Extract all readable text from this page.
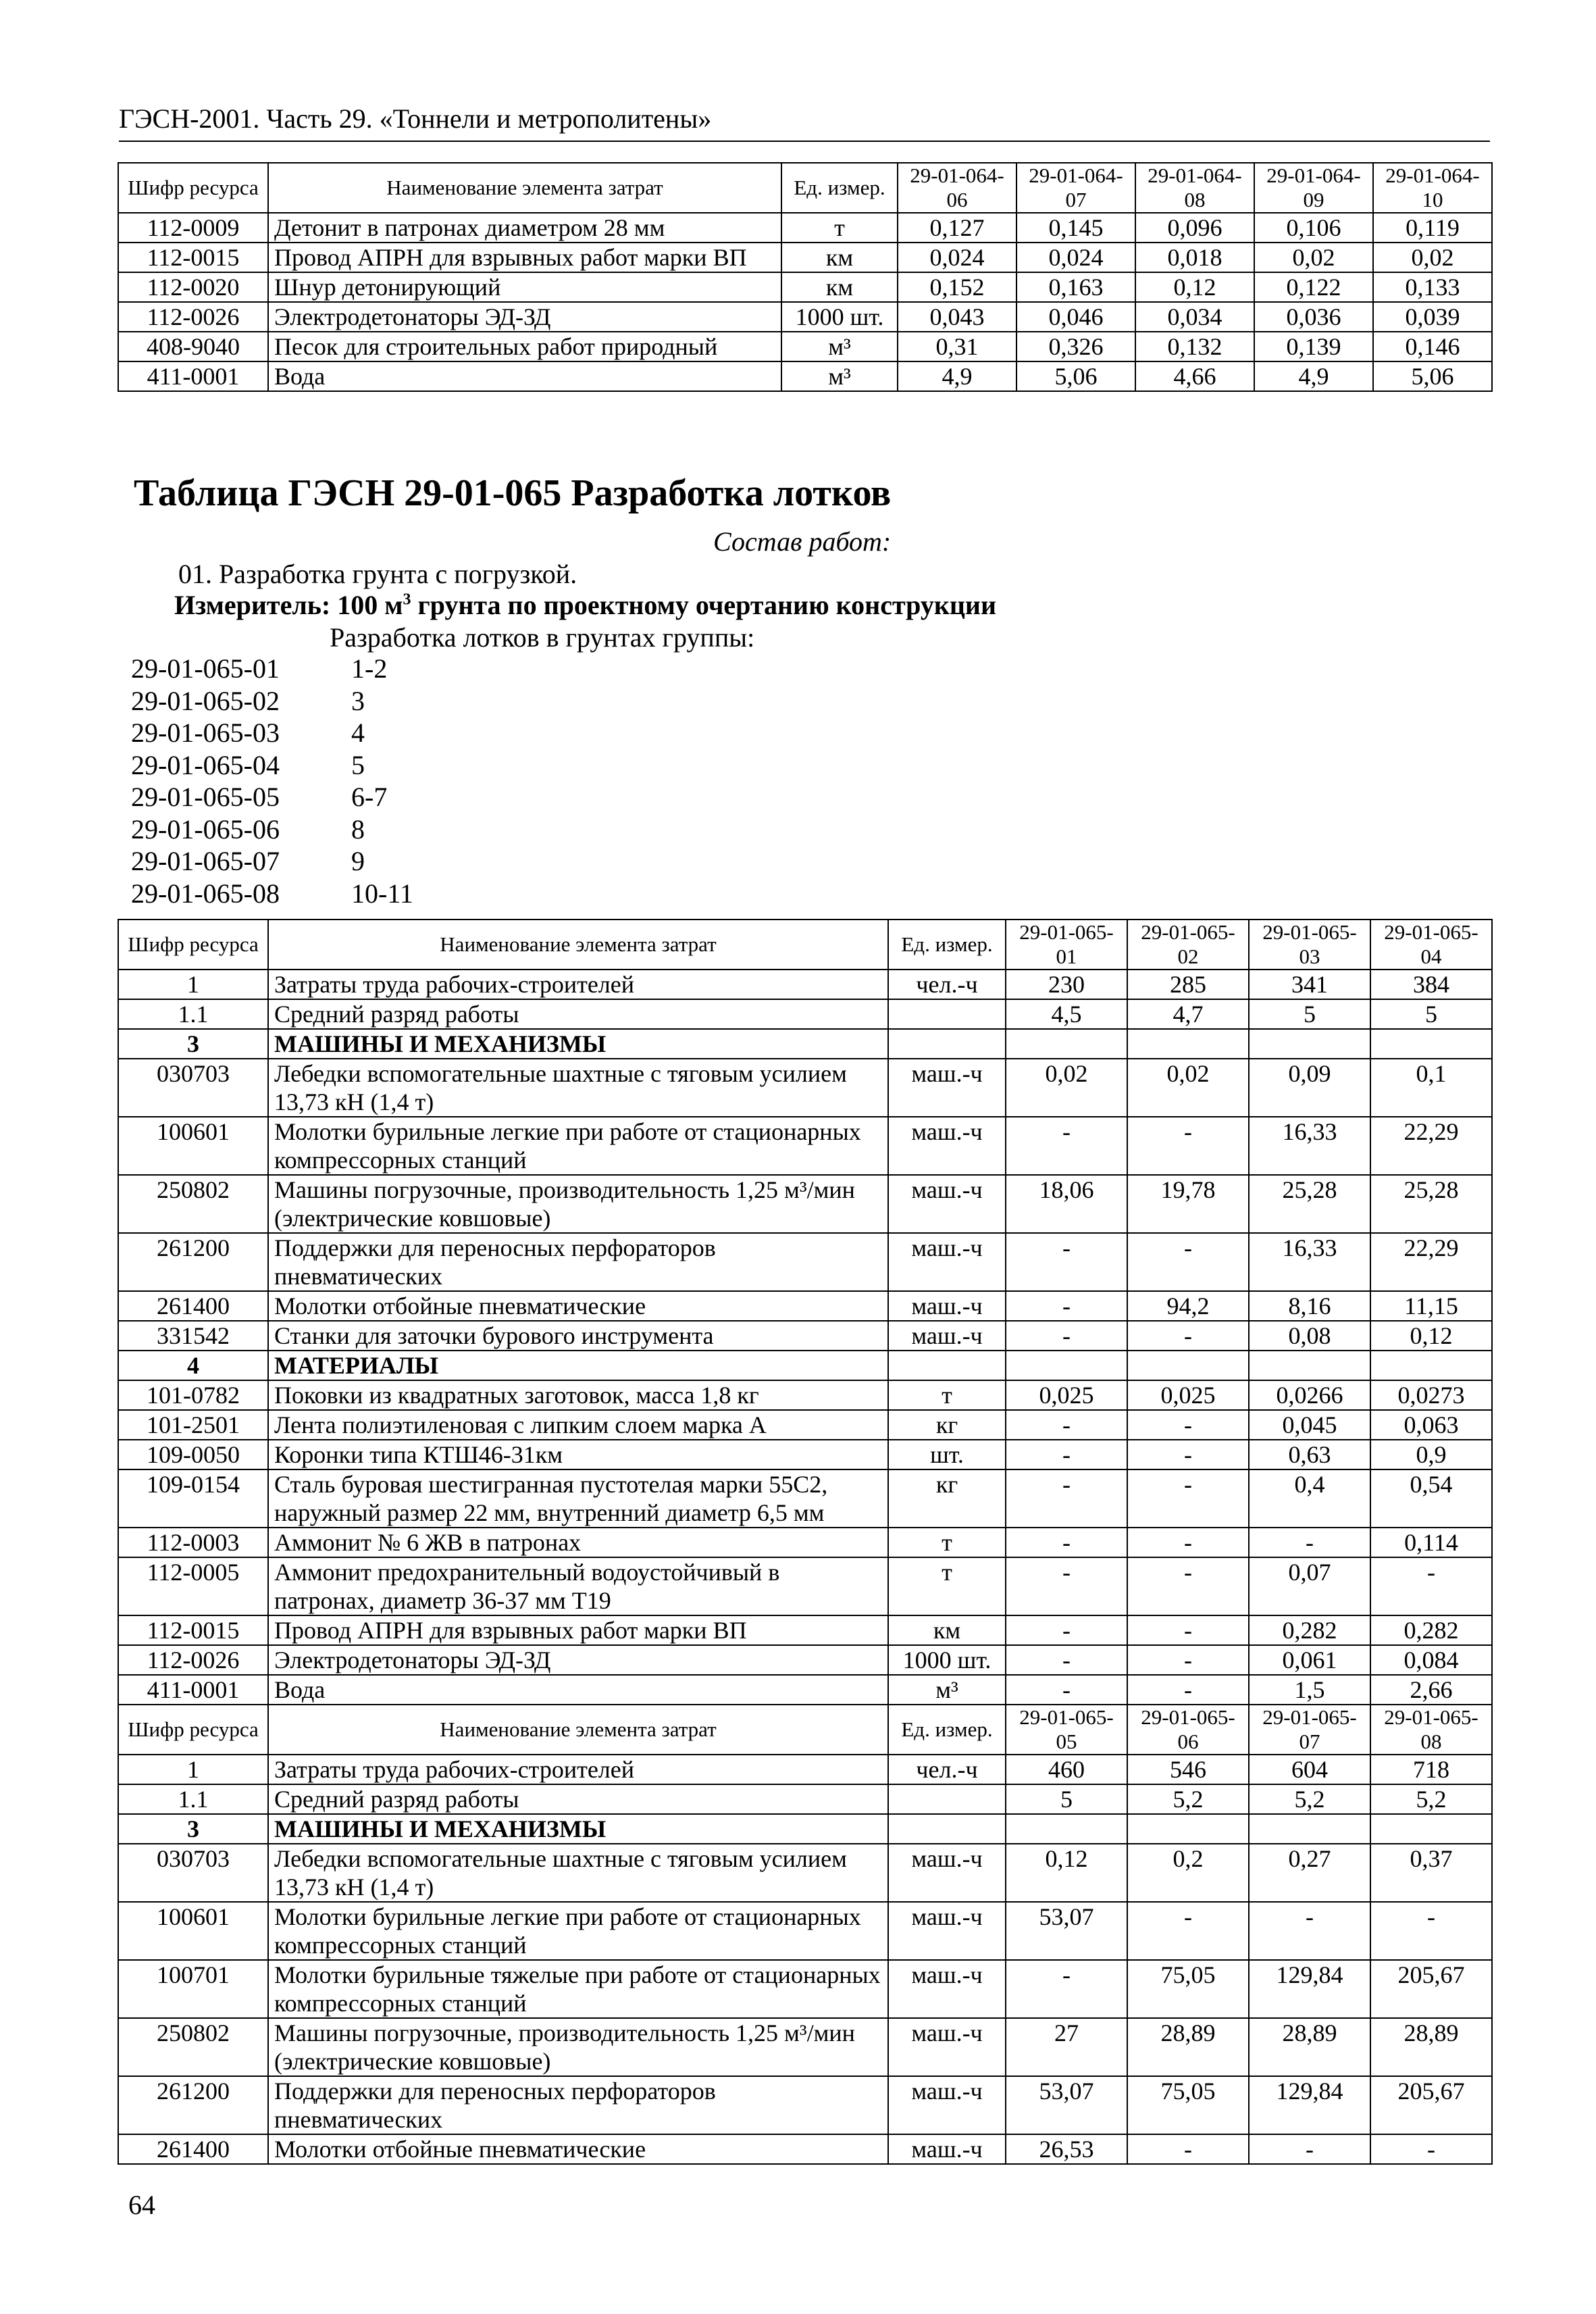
ГЭСН-2001. Часть 29. «Тоннели и метрополитены»
Шифр ресурса	Наименование элемента затрат	Ед. измер.	29-01-064-06	29-01-064-07	29-01-064-08	29-01-064-09	29-01-064-10
112-0009	Детонит в патронах диаметром 28 мм	т	0,127	0,145	0,096	0,106	0,119
112-0015	Провод АПРН для взрывных работ марки ВП	км	0,024	0,024	0,018	0,02	0,02
112-0020	Шнур детонирующий	км	0,152	0,163	0,12	0,122	0,133
112-0026	Электродетонаторы ЭД-ЗД	1000 шт.	0,043	0,046	0,034	0,036	0,039
408-9040	Песок для строительных работ природный	м³	0,31	0,326	0,132	0,139	0,146
411-0001	Вода	м³	4,9	5,06	4,66	4,9	5,06
Таблица ГЭСН 29-01-065 Разработка лотков
Состав работ:
01. Разработка грунта с погрузкой.
Измеритель: 100 $м^3$ грунта по проектному очертанию конструкции
Разработка лотков в грунтах группы:
29-01-065-01	1-2
29-01-065-02	3
29-01-065-03	4
29-01-065-04	5
29-01-065-05	6-7
29-01-065-06	8
29-01-065-07	9
29-01-065-08	10-11
Шифр ресурса	Наименование элемента затрат	Ед. измер.	29-01-065-01	29-01-065-02	29-01-065-03	29-01-065-04
1	Затраты труда рабочих-строителей	чел.-ч	230	285	341	384
1.1	Средний разряд работы		4,5	4,7	5	5
3	МАШИНЫ И МЕХАНИЗМЫ					
030703	Лебедки вспомогательные шахтные с тяговым усилием 13,73 кН (1,4 т)	маш.-ч	0,02	0,02	0,09	0,1
100601	Молотки бурильные легкие при работе от стационарных компрессорных станций	маш.-ч	-	-	16,33	22,29
250802	Машины погрузочные, производительность 1,25 м³/мин (электрические ковшовые)	маш.-ч	18,06	19,78	25,28	25,28
261200	Поддержки для переносных перфораторов пневматических	маш.-ч	-	-	16,33	22,29
261400	Молотки отбойные пневматические	маш.-ч	-	94,2	8,16	11,15
331542	Станки для заточки бурового инструмента	маш.-ч	-	-	0,08	0,12
4	МАТЕРИАЛЫ					
101-0782	Поковки из квадратных заготовок, масса 1,8 кг	т	0,025	0,025	0,0266	0,0273
101-2501	Лента полиэтиленовая с липким слоем марка А	кг	-	-	0,045	0,063
109-0050	Коронки типа КТШ46-31км	шт.	-	-	0,63	0,9
109-0154	Сталь буровая шестигранная пустотелая марки 55С2, наружный размер 22 мм, внутренний диаметр 6,5 мм	кг	-	-	0,4	0,54
112-0003	Аммонит № 6 ЖВ в патронах	т	-	-	-	0,114
112-0005	Аммонит предохранительный водоустойчивый в патронах, диаметр 36-37 мм Т19	т	-	-	0,07	-
112-0015	Провод АПРН для взрывных работ марки ВП	км	-	-	0,282	0,282
112-0026	Электродетонаторы ЭД-ЗД	1000 шт.	-	-	0,061	0,084
411-0001	Вода	м³	-	-	1,5	2,66
Шифр ресурса	Наименование элемента затрат	Ед. измер.	29-01-065-05	29-01-065-06	29-01-065-07	29-01-065-08
1	Затраты труда рабочих-строителей	чел.-ч	460	546	604	718
1.1	Средний разряд работы		5	5,2	5,2	5,2
3	МАШИНЫ И МЕХАНИЗМЫ					
030703	Лебедки вспомогательные шахтные с тяговым усилием 13,73 кН (1,4 т)	маш.-ч	0,12	0,2	0,27	0,37
100601	Молотки бурильные легкие при работе от стационарных компрессорных станций	маш.-ч	53,07	-	-	-
100701	Молотки бурильные тяжелые при работе от стационарных компрессорных станций	маш.-ч	-	75,05	129,84	205,67
250802	Машины погрузочные, производительность 1,25 м³/мин (электрические ковшовые)	маш.-ч	27	28,89	28,89	28,89
261200	Поддержки для переносных перфораторов пневматических	маш.-ч	53,07	75,05	129,84	205,67
261400	Молотки отбойные пневматические	маш.-ч	26,53	-	-	-
64
